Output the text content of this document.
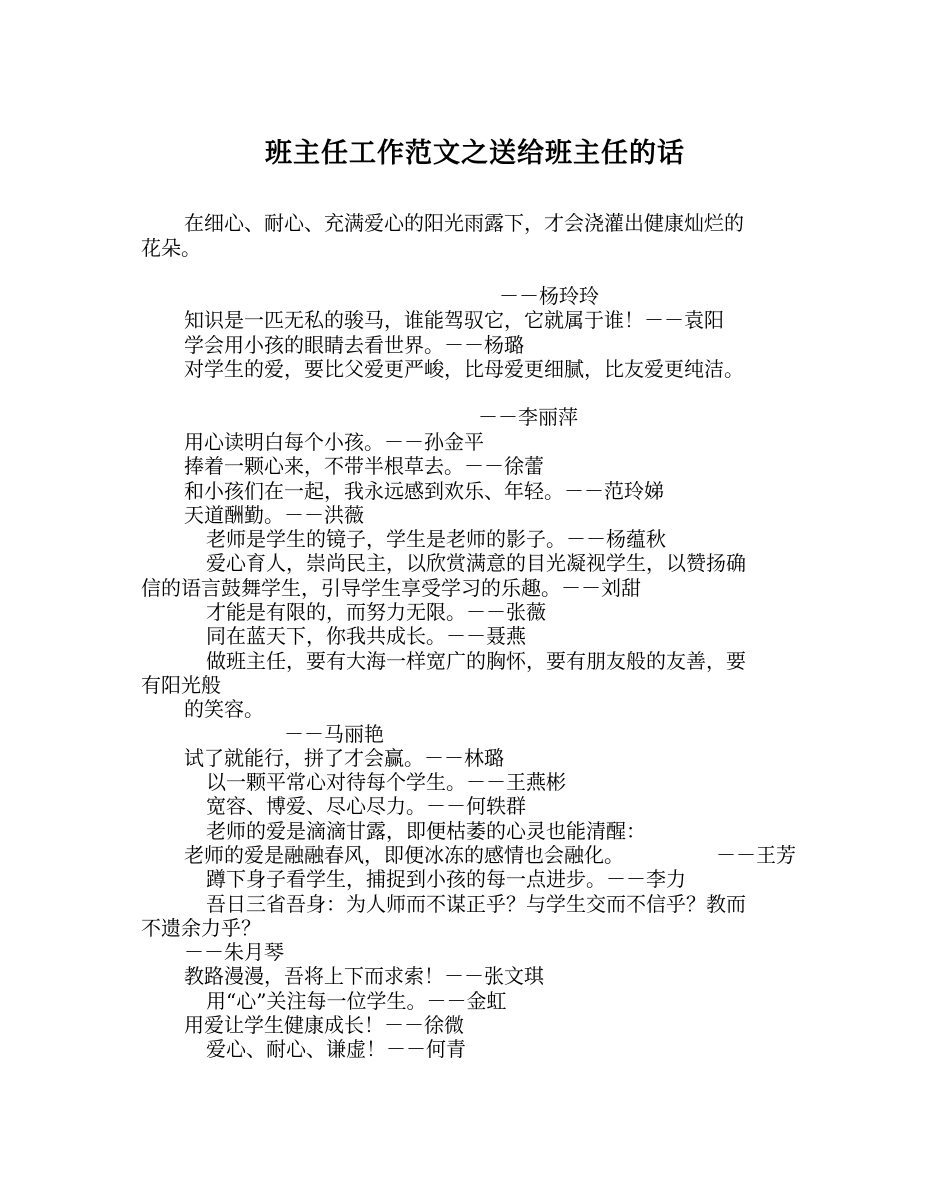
班主任工作范文之送给班主任的话
在细心、耐心、充满爱心的阳光雨露下，才会浇灌出健康灿烂的
花朵。
－－杨玲玲
知识是一匹无私的骏马，谁能驾驭它，它就属于谁！－－袁阳
学会用小孩的眼睛去看世界。－－杨璐
对学生的爱，要比父爱更严峻，比母爱更细腻，比友爱更纯洁。
－－李丽萍
用心读明白每个小孩。－－孙金平
捧着一颗心来，不带半根草去。－－徐蕾
和小孩们在一起，我永远感到欢乐、年轻。－－范玲娣
天道酬勤。－－洪薇
老师是学生的镜子，学生是老师的影子。－－杨蕴秋
爱心育人，崇尚民主，以欣赏满意的目光凝视学生，以赞扬确
信的语言鼓舞学生，引导学生享受学习的乐趣。－－刘甜
才能是有限的，而努力无限。－－张薇
同在蓝天下，你我共成长。－－聂燕
做班主任，要有大海一样宽广的胸怀，要有朋友般的友善，要
有阳光般
的笑容。
－－马丽艳
试了就能行，拼了才会赢。－－林璐
以一颗平常心对待每个学生。－－王燕彬
宽容、博爱、尽心尽力。－－何轶群
老师的爱是滴滴甘露，即便枯萎的心灵也能清醒：
老师的爱是融融春风，即便冰冻的感情也会融化。	－－王芳
蹲下身子看学生，捕捉到小孩的每一点进步。－－李力
吾日三省吾身：为人师而不谋正乎？与学生交而不信乎？教而
不遗余力乎？
－－朱月琴
教路漫漫，吾将上下而求索！－－张文琪
用“心”关注每一位学生。－－金虹
用爱让学生健康成长！－－徐微
爱心、耐心、谦虚！－－何青
